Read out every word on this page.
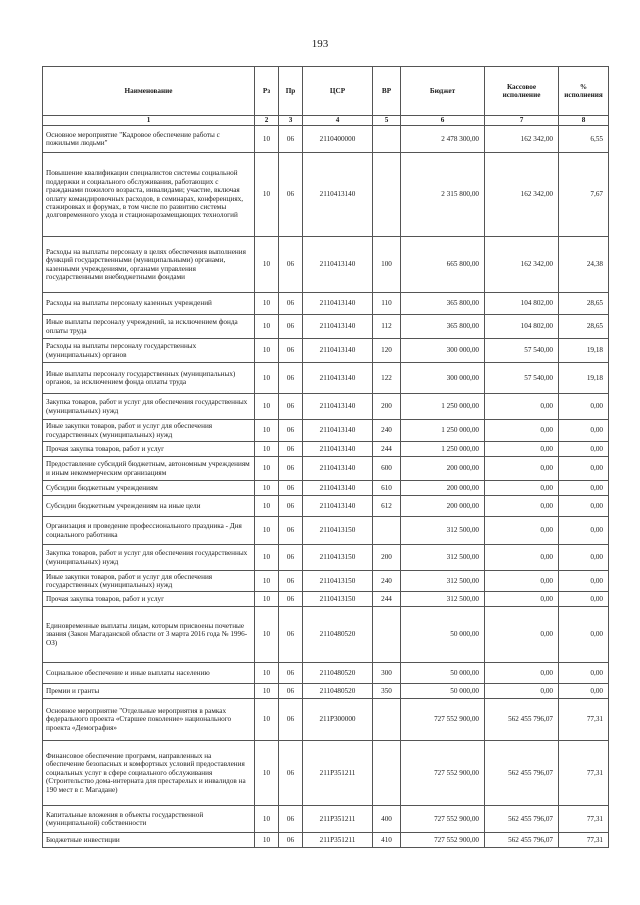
193
Наименование	Рз	Пр	ЦСР	ВР	Бюджет	Кассовое исполнение	% исполнения
1	2	3	4	5	6	7	8
Основное мероприятие "Кадровое обеспечение работы с пожилыми людьми"	10	06	2110400000		2 478 300,00	162 342,00	6,55
Повышение квалификации специалистов системы социальной поддержки и социального обслуживания, работающих с гражданами пожилого возраста, инвалидами; участие, включая оплату командировочных расходов, в семинарах, конференциях, стажировках и форумах, в том числе по развитию системы долговременного ухода и стационарозамещающих технологий	10	06	2110413140		2 315 800,00	162 342,00	7,67
Расходы на выплаты персоналу в целях обеспечения выполнения функций государственными (муниципальными) органами, казенными учреждениями, органами управления государственными внебюджетными фондами	10	06	2110413140	100	665 800,00	162 342,00	24,38
Расходы на выплаты персоналу казенных учреждений	10	06	2110413140	110	365 800,00	104 802,00	28,65
Иные выплаты персоналу учреждений, за исключением фонда оплаты труда	10	06	2110413140	112	365 800,00	104 802,00	28,65
Расходы на выплаты персоналу государственных (муниципальных) органов	10	06	2110413140	120	300 000,00	57 540,00	19,18
Иные выплаты персоналу государственных (муниципальных) органов, за исключением фонда оплаты труда	10	06	2110413140	122	300 000,00	57 540,00	19,18
Закупка товаров, работ и услуг для обеспечения государственных (муниципальных) нужд	10	06	2110413140	200	1 250 000,00	0,00	0,00
Иные закупки товаров, работ и услуг для обеспечения государственных (муниципальных) нужд	10	06	2110413140	240	1 250 000,00	0,00	0,00
Прочая закупка товаров, работ и услуг	10	06	2110413140	244	1 250 000,00	0,00	0,00
Предоставление субсидий бюджетным, автономным учреждениям и иным некоммерческим организациям	10	06	2110413140	600	200 000,00	0,00	0,00
Субсидии бюджетным учреждениям	10	06	2110413140	610	200 000,00	0,00	0,00
Субсидии бюджетным учреждениям на иные цели	10	06	2110413140	612	200 000,00	0,00	0,00
Организация и проведение профессионального праздника - Дня социального работника	10	06	2110413150		312 500,00	0,00	0,00
Закупка товаров, работ и услуг для обеспечения государственных (муниципальных) нужд	10	06	2110413150	200	312 500,00	0,00	0,00
Иные закупки товаров, работ и услуг для обеспечения государственных (муниципальных) нужд	10	06	2110413150	240	312 500,00	0,00	0,00
Прочая закупка товаров, работ и услуг	10	06	2110413150	244	312 500,00	0,00	0,00
Единовременные выплаты лицам, которым присвоены почетные звания (Закон Магаданской области от 3 марта 2016 года № 1996-ОЗ)	10	06	2110480520		50 000,00	0,00	0,00
Социальное обеспечение и иные выплаты населению	10	06	2110480520	300	50 000,00	0,00	0,00
Премии и гранты	10	06	2110480520	350	50 000,00	0,00	0,00
Основное мероприятие "Отдельные мероприятия в рамках федерального проекта «Старшее поколение» национального проекта «Демография»	10	06	211P300000		727 552 900,00	562 455 796,07	77,31
Финансовое обеспечение программ, направленных на обеспечение безопасных и комфортных условий предоставления социальных услуг в сфере социального обслуживания (Строительство дома-интерната для престарелых и инвалидов на 190 мест в г. Магадане)	10	06	211P351211		727 552 900,00	562 455 796,07	77,31
Капитальные вложения в объекты государственной (муниципальной) собственности	10	06	211P351211	400	727 552 900,00	562 455 796,07	77,31
Бюджетные инвестиции	10	06	211P351211	410	727 552 900,00	562 455 796,07	77,31
